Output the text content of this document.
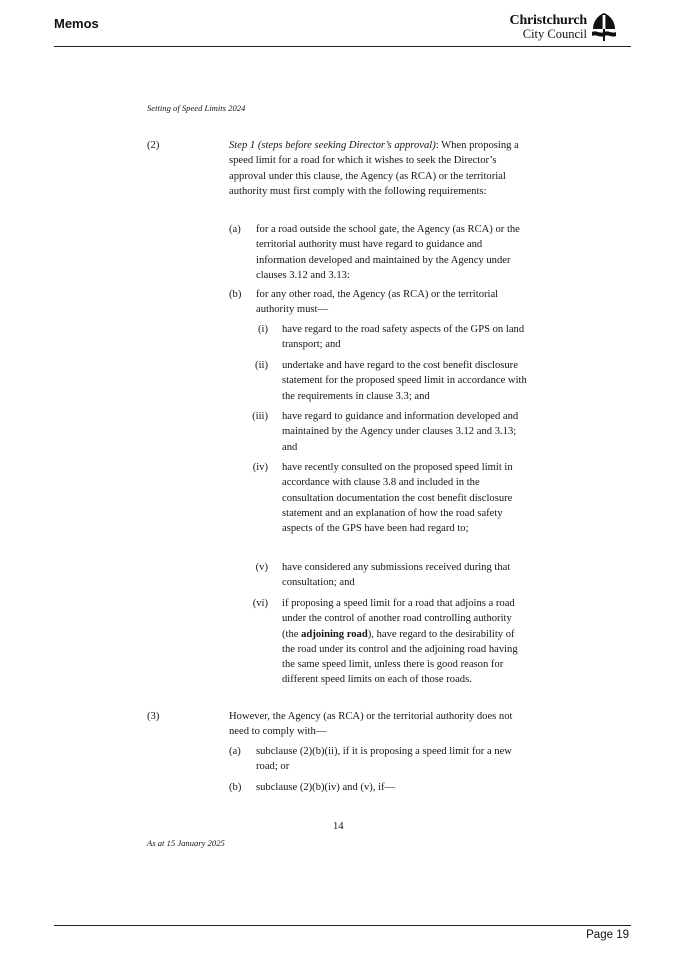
Memos	Christchurch
City Council
Setting of Speed Limits 2024
(2)	Step 1 (steps before seeking Director’s approval): When proposing a speed limit for a road for which it wishes to seek the Director’s approval under this clause, the Agency (as RCA) or the territorial authority must first comply with the following requirements:
(a) for a road outside the school gate, the Agency (as RCA) or the territorial authority must have regard to guidance and information developed and maintained by the Agency under clauses 3.12 and 3.13:
(b) for any other road, the Agency (as RCA) or the territorial authority must—
(i) have regard to the road safety aspects of the GPS on land transport; and
(ii) undertake and have regard to the cost benefit disclosure statement for the proposed speed limit in accordance with the requirements in clause 3.3; and
(iii) have regard to guidance and information developed and maintained by the Agency under clauses 3.12 and 3.13; and
(iv) have recently consulted on the proposed speed limit in accordance with clause 3.8 and included in the consultation documentation the cost benefit disclosure statement and an explanation of how the road safety aspects of the GPS have been had regard to;
(v) have considered any submissions received during that consultation; and
(vi) if proposing a speed limit for a road that adjoins a road under the control of another road controlling authority (the adjoining road), have regard to the desirability of the road under its control and the adjoining road having the same speed limit, unless there is good reason for different speed limits on each of those roads.
(3)	However, the Agency (as RCA) or the territorial authority does not need to comply with—
(a) subclause (2)(b)(ii), if it is proposing a speed limit for a new road; or
(b) subclause (2)(b)(iv) and (v), if—
14
As at 15 January 2025
Page 19
